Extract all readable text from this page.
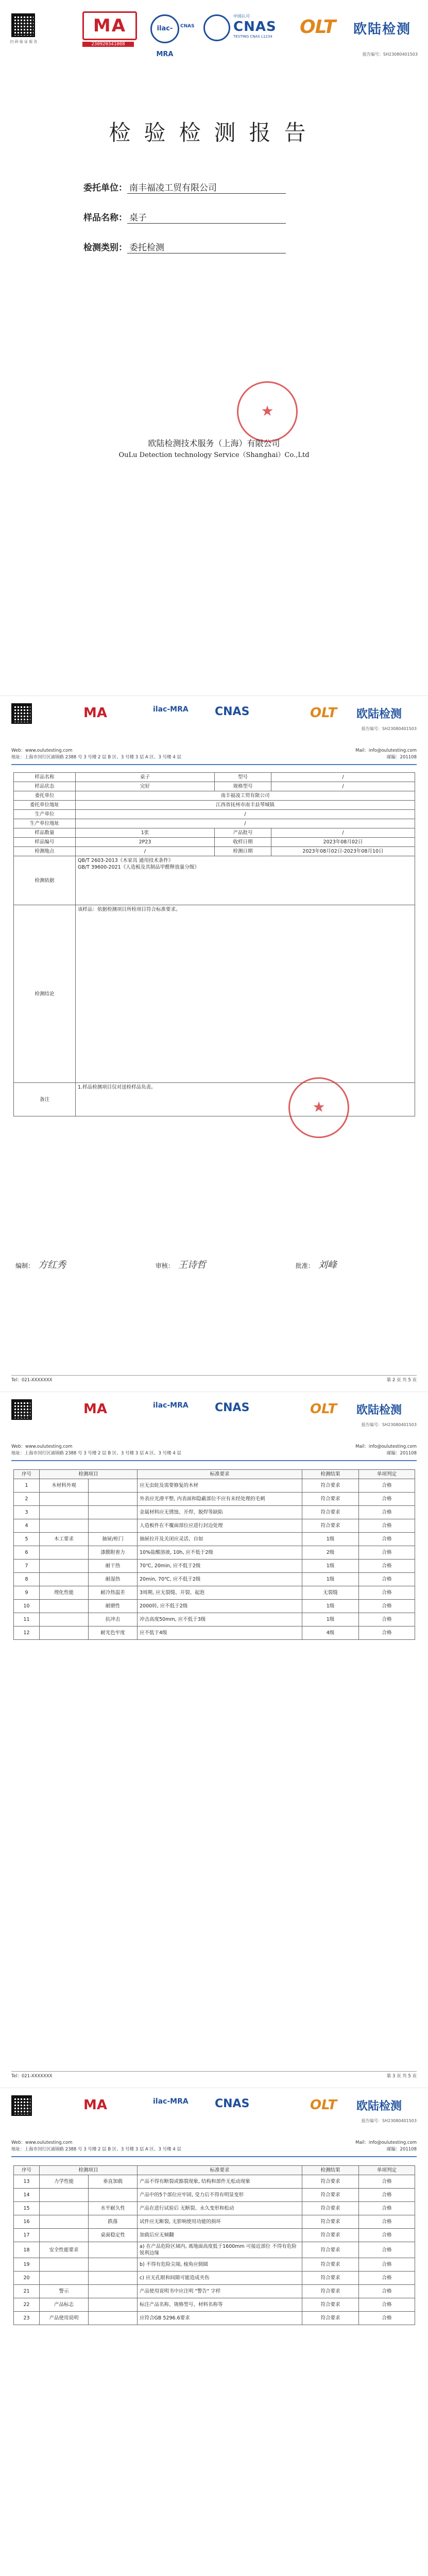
扫 码 验 证 报 告
MA
230920341008
ilac-MRA
CNAS
中国认可
CNAS
TESTING CNAS L1234 OLT 欧陆检测
报告编号：SH23080401503
检验检测报告
委托单位： 南丰福凌工贸有限公司
样品名称： 桌子
检测类别： 委托检测
★
欧陆检测技术服务（上海）有限公司
OuLu Detection technology Service（Shanghai）Co.,Ltd
MA	ilac-MRA CNAS	OLT 欧陆检测
报告编号：SH23080401503
Web：www.oulutesting.com	Mail：info@oulutesting.com
地址：上海市闵行区浦锦路 2388 号 3 号楼 2 层 B 区、3 号楼 3 层 A 区、3 号楼 4 层	邮编：201108
样品名称	桌子	型号	/
样品状态	完好	规格型号	/
委托单位	南丰福凌工贸有限公司		
委托单位地址	江西省抚州市南丰县琴城镇		
生产单位	/		
生产单位地址	/		
样品数量	1张	产品批号	/
样品编号	2P23	收样日期	2023年08月02日
检测地点	/	检测日期	2023年08月02日-2023年08月10日
检测依据	QB/T 2603-2013《木家具 通用技术条件》
GB/T 39600-2021《人造板及其制品甲醛释放量分级》		
检测结论	该样品：依据检测项目所检项目符合标准要求。		
备注	1.样品检测项目仅对送检样品负责。		
★
编制： 方红秀	审核： 王诗哲	批准： 刘峰
Tel：021-XXXXXXX	第 2 页 共 5 页
MA	ilac-MRA CNAS	OLT 欧陆检测
报告编号：SH23080401503
Web：www.oulutesting.com	Mail：info@oulutesting.com
地址：上海市闵行区浦锦路 2388 号 3 号楼 2 层 B 区、3 号楼 3 层 A 区、3 号楼 4 层	邮编：201108
序号	检测项目		标准要求	检测结果	单项判定
1	木材料外观		应无虫蛀及需要修复的木材	符合要求	合格
2			外表应光滑平整, 内表面和隐蔽部位不应有未经处理的毛刺	符合要求	合格
3			金属材料应无锈蚀、开焊、脱焊等缺陷	符合要求	合格
4			人造板件在不覆面部位应进行封边处理	符合要求	合格
5	木工要求	抽屉/柜门	抽屉拉开及关闭应灵活、自如	1级	合格
6		漆膜附着力	10%盐酸溶液, 10h, 应不低于2级	2级	合格
7		耐干热	70℃, 20min, 应不低于2级	1级	合格
8		耐湿热	20min, 70℃, 应不低于2级	1级	合格
9	理化性能	耐冷热温差	3周期, 应无裂缝、开裂、起泡	无裂缝	合格
10		耐磨性	2000转, 应不低于2级	1级	合格
11		抗冲击	冲击高度50mm, 应不低于3级	1级	合格
12		耐光色牢度	应不低于4级	4级	合格
Tel：021-XXXXXXX	第 3 页 共 5 页
MA	ilac-MRA CNAS	OLT 欧陆检测
报告编号：SH23080401503
Web：www.oulutesting.com	Mail：info@oulutesting.com
地址：上海市闵行区浦锦路 2388 号 3 号楼 2 层 B 区、3 号楼 3 层 A 区、3 号楼 4 层	邮编：201108
序号	检测项目		标准要求	检测结果	单项判定
13	力学性能	垂直加载	产品不得有断裂或豁裂现象, 结构和部件无松动现象	符合要求	合格
14			产品中的5个部位应牢固, 受力后不得有明显变形	符合要求	合格
15		水平耐久性	产品在进行试验后 无断裂、永久变形和松动	符合要求	合格
16		跌落	试件应无断裂, 无影响使用功能的损坏	符合要求	合格
17		桌面稳定性	加载后应无倾翻	符合要求	合格
18	安全性能要求		a) 在产品危险区域内, 离地面高度低于1600mm 可接近部位 不得有危险锐利边缘	符合要求	合格
19			b) 不得有危险尖端, 棱角应倒圆	符合要求	合格
20			c) 应无孔眼和间隙可能造成夹伤	符合要求	合格
21	警示		产品使用说明书中应注明 "警告" 字样	符合要求	合格
22	产品标志		标注产品名称、规格型号、材料名称等	符合要求	合格
23	产品使用说明		应符合GB 5296.6要求	符合要求	合格
